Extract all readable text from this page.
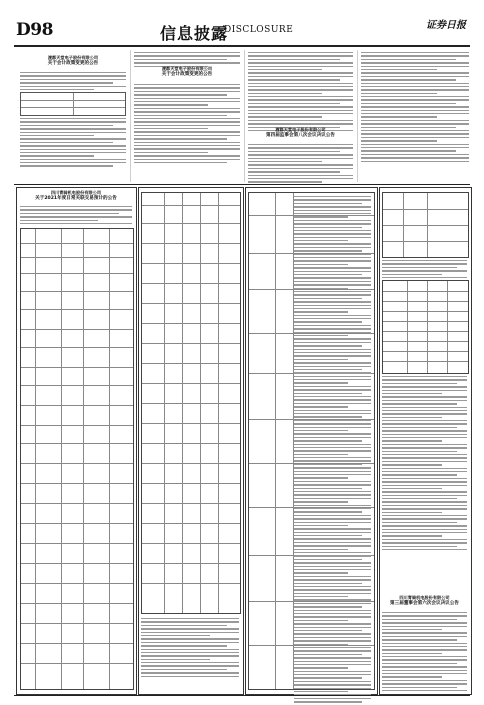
D98	信息披露
DISCLOSURE	证券日报
渡都天堂电子股份有限公司
关于会计政策变更的公告
渡都天堂电子股份有限公司
关于会计政策变更的公告
渡都天堂电子股份有限公司
第四届监事会第八次会议决议公告
四川青骑机电股份有限公司
关于2021年度日常关联交易预计的公告
四川青骑机电股份有限公司
第三届董事会第六次会议决议公告
